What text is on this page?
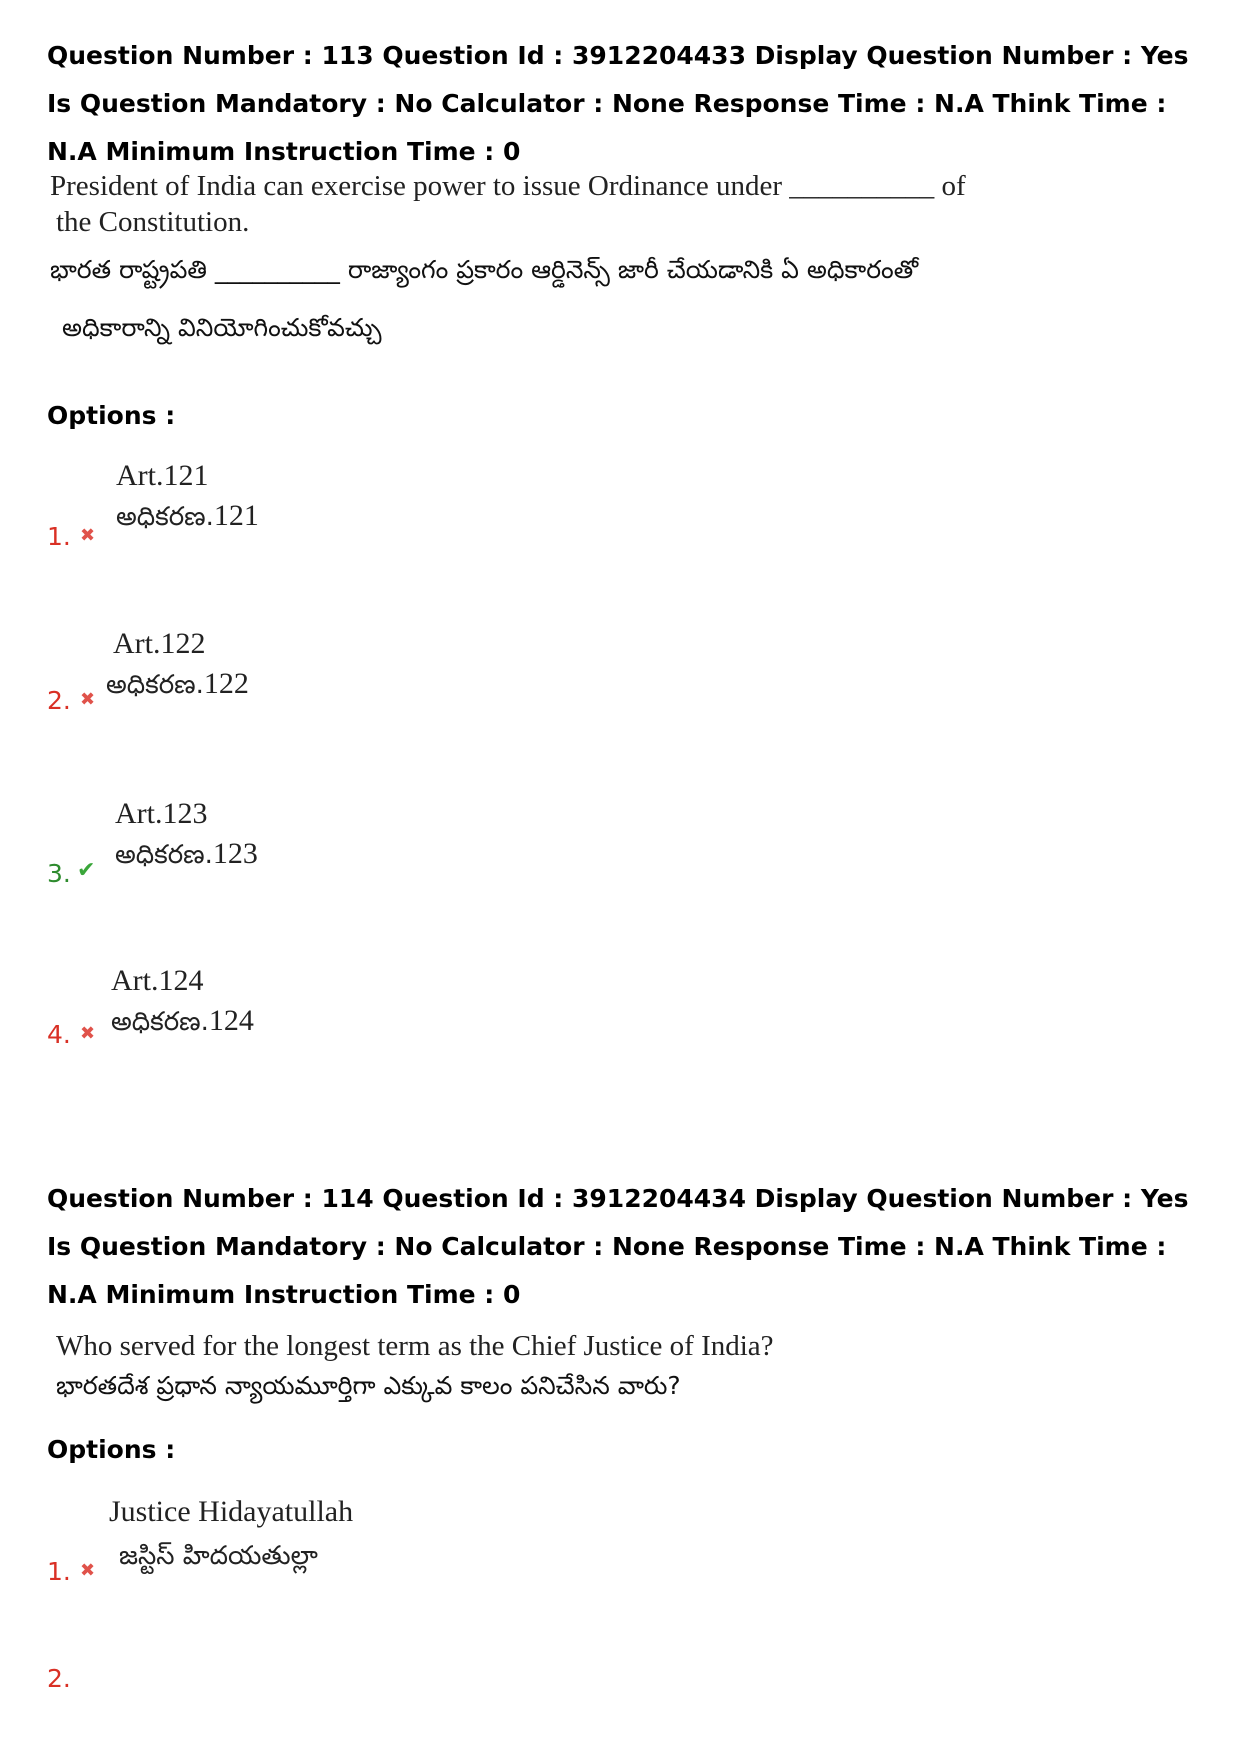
Question Number : 113 Question Id : 3912204433 Display Question Number : Yes Is Question Mandatory : No Calculator : None Response Time : N.A Think Time : N.A Minimum Instruction Time : 0

President of India can exercise power to issue Ordinance under __________ of
the Constitution.
భారత రాష్ట్రపతి __________ రాజ్యాంగం ప్రకారం ఆర్డినెన్స్ జారీ చేయడానికి ఏ అధికారంతో
అధికారాన్ని వినియోగించుకోవచ్చు
Options :
Art.121
అధికరణ.121
1. ✖
Art.122
అధికరణ.122
2. ✖
Art.123
అధికరణ.123
3. ✔
Art.124
అధికరణ.124
4. ✖

Question Number : 114 Question Id : 3912204434 Display Question Number : Yes Is Question Mandatory : No Calculator : None Response Time : N.A Think Time : N.A Minimum Instruction Time : 0

Who served for the longest term as the Chief Justice of India?
భారతదేశ ప్రధాన న్యాయమూర్తిగా ఎక్కువ కాలం పనిచేసిన వారు?
Options :
Justice Hidayatullah
జస్టిస్ హిదయతుల్లా
1. ✖
2.
